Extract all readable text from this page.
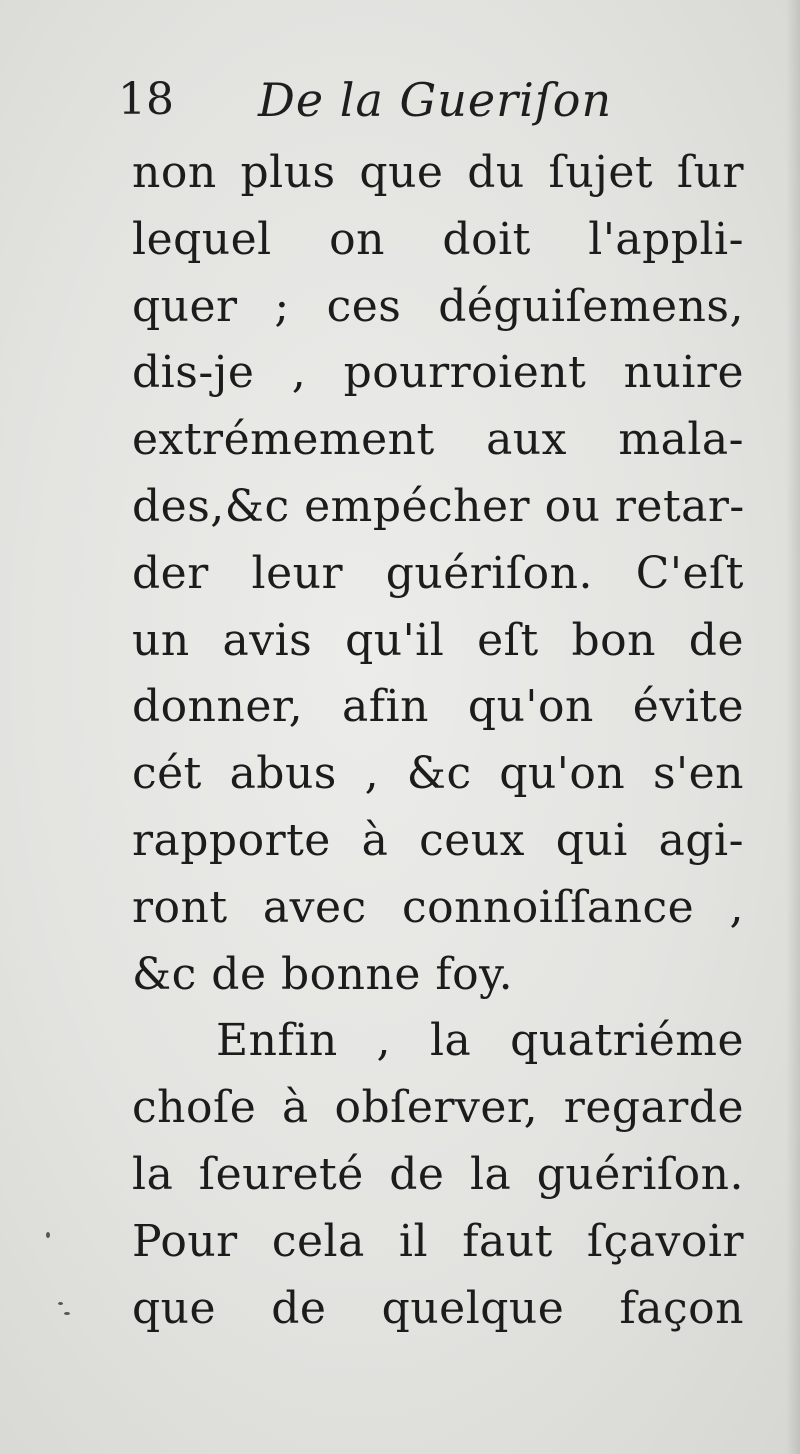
18 De la Gueriſon
non plus que du ſujet ſur
lequel on doit l'appli-
quer ; ces déguiſemens,
dis-je , pourroient nuire
extrémement aux mala-
des,&c empécher ou retar-
der leur guériſon. C'eſt
un avis qu'il eſt bon de
donner, afin qu'on évite
cét abus , &c qu'on s'en
rapporte à ceux qui agi-
ront avec connoiſſance ,
&c de bonne foy.
Enfin , la quatriéme
choſe à obſerver, regarde
la ſeureté de la guériſon.
Pour cela il faut ſçavoir
que de quelque façon
